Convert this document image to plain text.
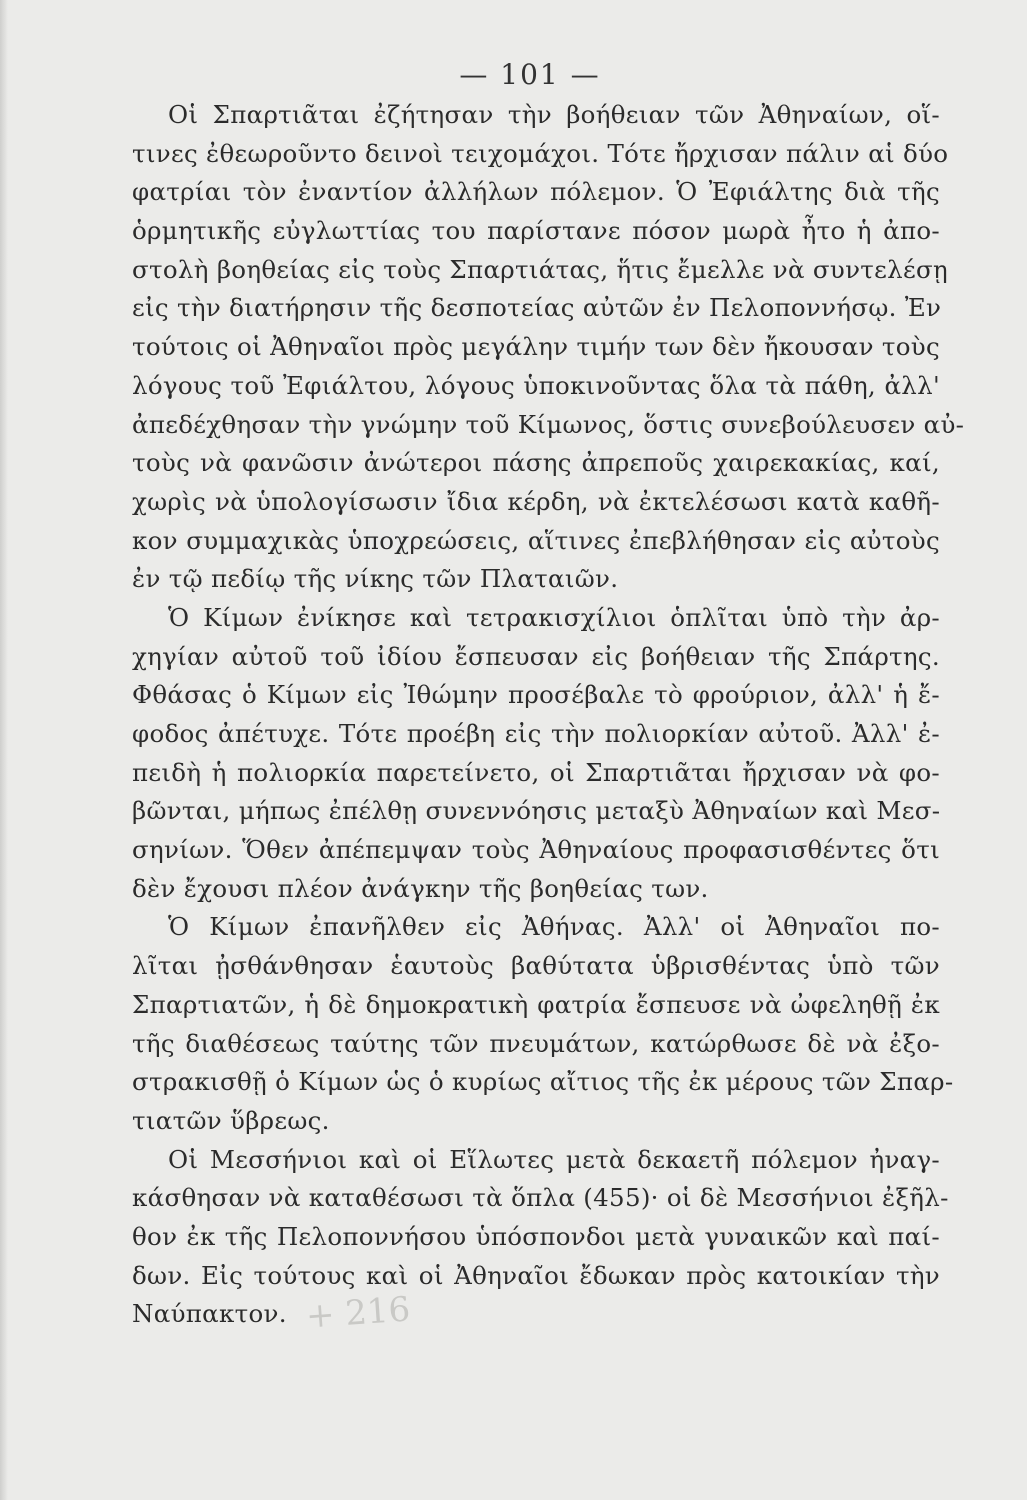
— 101 —
Οἱ Σπαρτιᾶται ἐζήτησαν τὴν βοήθειαν τῶν Ἀθηναίων, οἵ-
τινες ἐθεωροῦντο δεινοὶ τειχομάχοι. Τότε ἤρχισαν πάλιν αἱ δύο
φατρίαι τὸν ἐναντίον ἀλλήλων πόλεμον. Ὁ Ἐφιάλτης διὰ τῆς
ὁρμητικῆς εὐγλωττίας του παρίστανε πόσον μωρὰ ἦτο ἡ ἀπο-
στολὴ βοηθείας εἰς τοὺς Σπαρτιάτας, ἥτις ἔμελλε νὰ συντελέσῃ
εἰς τὴν διατήρησιν τῆς δεσποτείας αὐτῶν ἐν Πελοποννήσῳ. Ἐν
τούτοις οἱ Ἀθηναῖοι πρὸς μεγάλην τιμήν των δὲν ἤκουσαν τοὺς
λόγους τοῦ Ἐφιάλτου, λόγους ὑποκινοῦντας ὅλα τὰ πάθη, ἀλλ'
ἀπεδέχθησαν τὴν γνώμην τοῦ Κίμωνος, ὅστις συνεβούλευσεν αὐ-
τοὺς νὰ φανῶσιν ἀνώτεροι πάσης ἀπρεποῦς χαιρεκακίας, καί,
χωρὶς νὰ ὑπολογίσωσιν ἴδια κέρδη, νὰ ἐκτελέσωσι κατὰ καθῆ-
κον συμμαχικὰς ὑποχρεώσεις, αἵτινες ἐπεβλήθησαν εἰς αὐτοὺς
ἐν τῷ πεδίῳ τῆς νίκης τῶν Πλαταιῶν.
Ὁ Κίμων ἐνίκησε καὶ τετρακισχίλιοι ὁπλῖται ὑπὸ τὴν ἀρ-
χηγίαν αὐτοῦ τοῦ ἰδίου ἔσπευσαν εἰς βοήθειαν τῆς Σπάρτης.
Φθάσας ὁ Κίμων εἰς Ἰθώμην προσέβαλε τὸ φρούριον, ἀλλ' ἡ ἔ-
φοδος ἀπέτυχε. Τότε προέβη εἰς τὴν πολιορκίαν αὐτοῦ. Ἀλλ' ἐ-
πειδὴ ἡ πολιορκία παρετείνετο, οἱ Σπαρτιᾶται ἤρχισαν νὰ φο-
βῶνται, μήπως ἐπέλθῃ συνεννόησις μεταξὺ Ἀθηναίων καὶ Μεσ-
σηνίων. Ὅθεν ἀπέπεμψαν τοὺς Ἀθηναίους προφασισθέντες ὅτι
δὲν ἔχουσι πλέον ἀνάγκην τῆς βοηθείας των.
Ὁ Κίμων ἐπανῆλθεν εἰς Ἀθήνας. Ἀλλ' οἱ Ἀθηναῖοι πο-
λῖται ᾐσθάνθησαν ἑαυτοὺς βαθύτατα ὑβρισθέντας ὑπὸ τῶν
Σπαρτιατῶν, ἡ δὲ δημοκρατικὴ φατρία ἔσπευσε νὰ ὠφεληθῇ ἐκ
τῆς διαθέσεως ταύτης τῶν πνευμάτων, κατώρθωσε δὲ νὰ ἐξο-
στρακισθῇ ὁ Κίμων ὡς ὁ κυρίως αἴτιος τῆς ἐκ μέρους τῶν Σπαρ-
τιατῶν ὕβρεως.
Οἱ Μεσσήνιοι καὶ οἱ Εἵλωτες μετὰ δεκαετῆ πόλεμον ἠναγ-
κάσθησαν νὰ καταθέσωσι τὰ ὅπλα (455)· οἱ δὲ Μεσσήνιοι ἐξῆλ-
θον ἐκ τῆς Πελοποννήσου ὑπόσπονδοι μετὰ γυναικῶν καὶ παί-
δων. Εἰς τούτους καὶ οἱ Ἀθηναῖοι ἔδωκαν πρὸς κατοικίαν τὴν
Ναύπακτον. + 216
